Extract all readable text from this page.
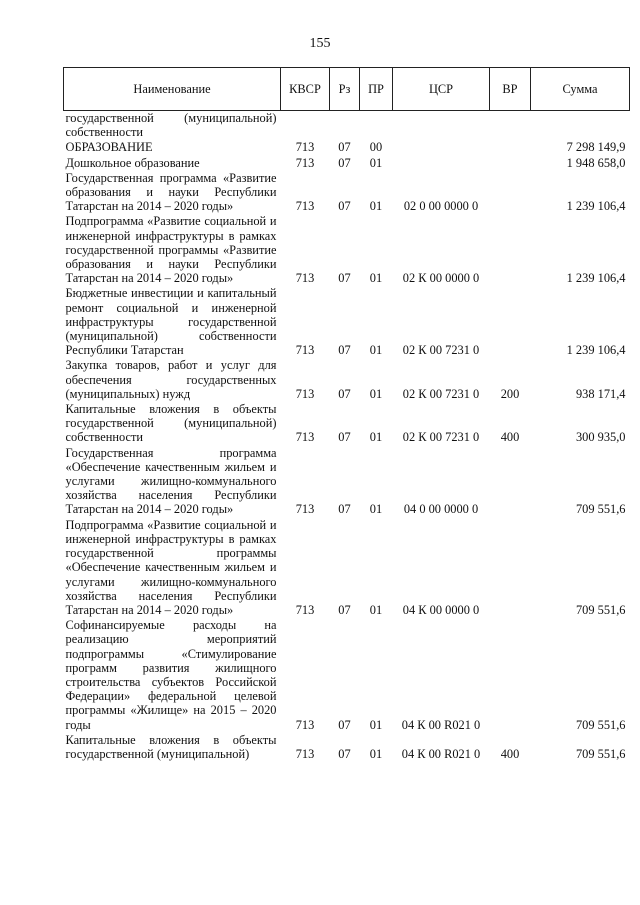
155
Наименование	КВСР	Рз	ПР	ЦСР	ВР	Сумма
государственной (муниципальной) собственности						
ОБРАЗОВАНИЕ	713	07	00			7 298 149,9
Дошкольное образование	713	07	01			1 948 658,0
Государственная программа «Развитие образования и науки Республики Татарстан на 2014 – 2020 годы»	713	07	01	02 0 00 0000 0		1 239 106,4
Подпрограмма «Развитие социальной и инженерной инфраструктуры в рамках государственной программы «Развитие образования и науки Республики Татарстан на 2014 – 2020 годы»	713	07	01	02 К 00 0000 0		1 239 106,4
Бюджетные инвестиции и капитальный ремонт социальной и инженерной инфраструктуры государственной (муниципальной) собственности Республики Татарстан	713	07	01	02 К 00 7231 0		1 239 106,4
Закупка товаров, работ и услуг для обеспечения государственных (муниципальных) нужд	713	07	01	02 К 00 7231 0	200	938 171,4
Капитальные вложения в объекты государственной (муниципальной) собственности	713	07	01	02 К 00 7231 0	400	300 935,0
Государственная программа «Обеспечение качественным жильем и услугами жилищно-коммунального хозяйства населения Республики Татарстан на 2014 – 2020 годы»	713	07	01	04 0 00 0000 0		709 551,6
Подпрограмма «Развитие социальной и инженерной инфраструктуры в рамках государственной программы «Обеспечение качественным жильем и услугами жилищно-коммунального хозяйства населения Республики Татарстан на 2014 – 2020 годы»	713	07	01	04 К 00 0000 0		709 551,6
Софинансируемые расходы на реализацию мероприятий подпрограммы «Стимулирование программ развития жилищного строительства субъектов Российской Федерации» федеральной целевой программы «Жилище» на 2015 – 2020 годы	713	07	01	04 К 00 R021 0		709 551,6
Капитальные вложения в объекты государственной (муниципальной)	713	07	01	04 К 00 R021 0	400	709 551,6
